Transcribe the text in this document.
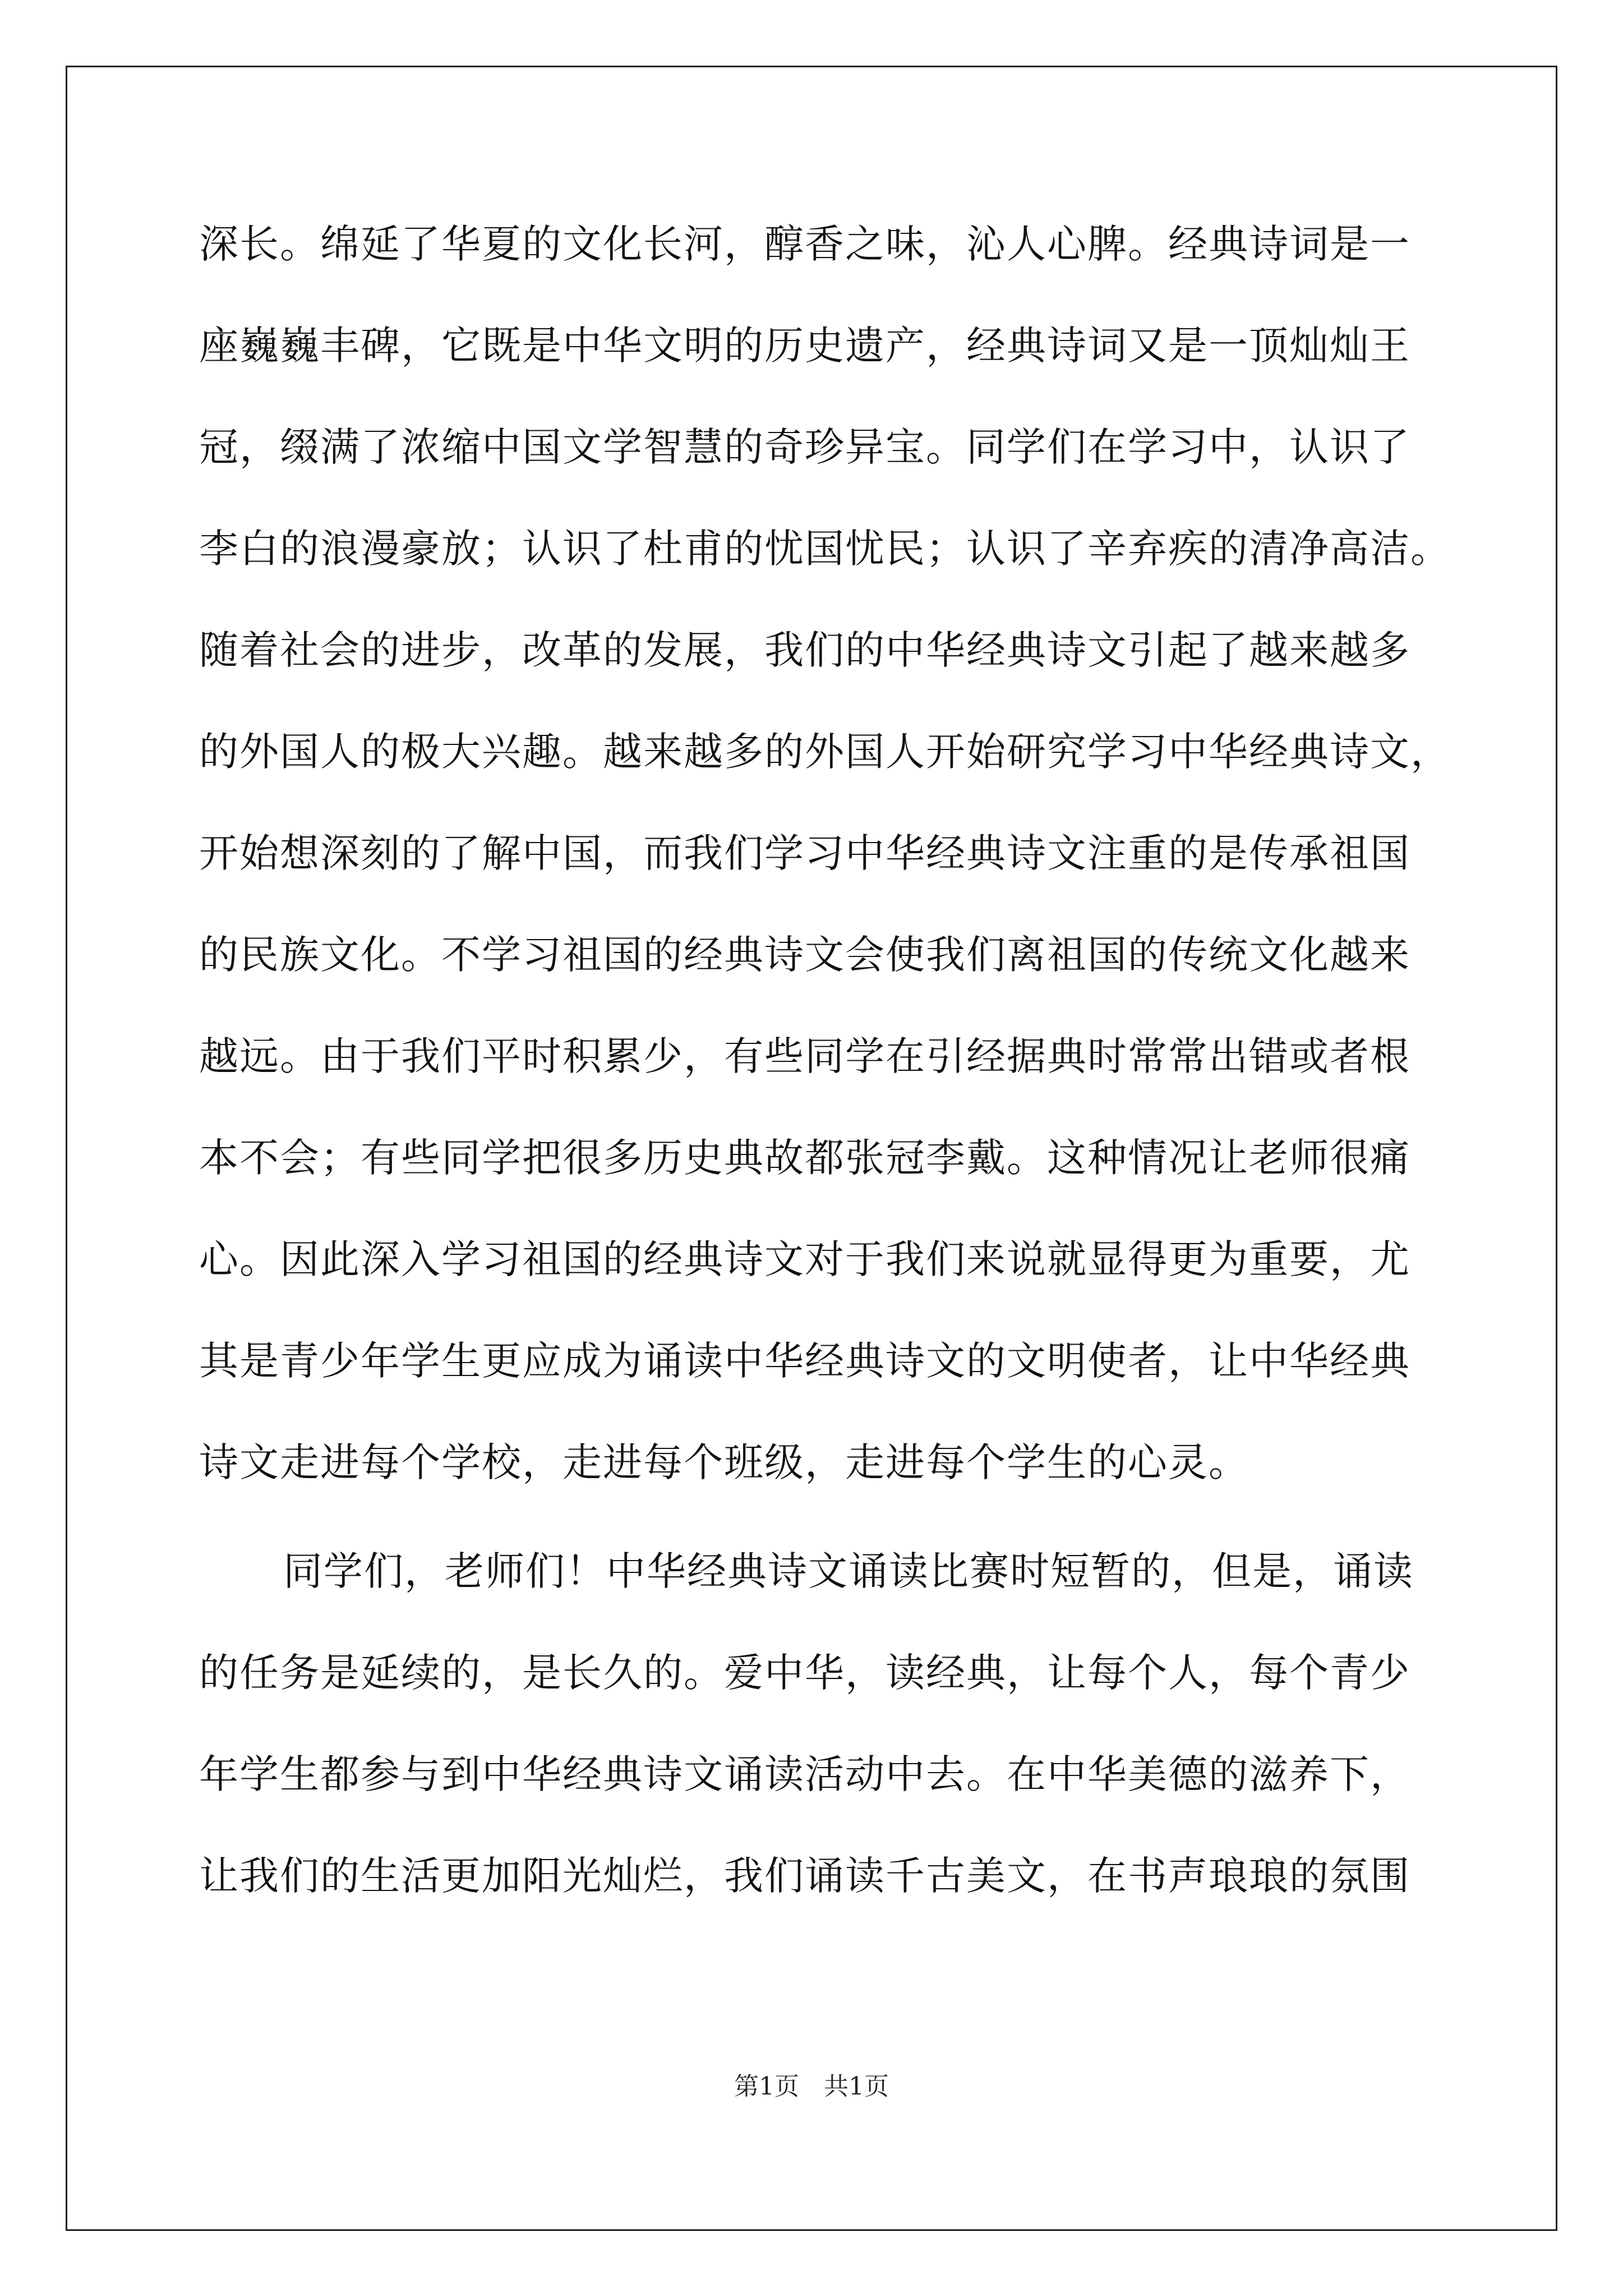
深长。绵延了华夏的文化长河，醇香之味，沁人心脾。经典诗词是一
座巍巍丰碑，它既是中华文明的历史遗产，经典诗词又是一顶灿灿王
冠，缀满了浓缩中国文学智慧的奇珍异宝。同学们在学习中，认识了
李白的浪漫豪放；认识了杜甫的忧国忧民；认识了辛弃疾的清净高洁。
随着社会的进步，改革的发展，我们的中华经典诗文引起了越来越多
的外国人的极大兴趣。越来越多的外国人开始研究学习中华经典诗文，
开始想深刻的了解中国，而我们学习中华经典诗文注重的是传承祖国
的民族文化。不学习祖国的经典诗文会使我们离祖国的传统文化越来
越远。由于我们平时积累少，有些同学在引经据典时常常出错或者根
本不会；有些同学把很多历史典故都张冠李戴。这种情况让老师很痛
心。因此深入学习祖国的经典诗文对于我们来说就显得更为重要，尤
其是青少年学生更应成为诵读中华经典诗文的文明使者，让中华经典
诗文走进每个学校，走进每个班级，走进每个学生的心灵。
同学们，老师们！中华经典诗文诵读比赛时短暂的，但是，诵读
的任务是延续的，是长久的。爱中华，读经典，让每个人，每个青少
年学生都参与到中华经典诗文诵读活动中去。在中华美德的滋养下，
让我们的生活更加阳光灿烂，我们诵读千古美文，在书声琅琅的氛围
第1页　共1页
